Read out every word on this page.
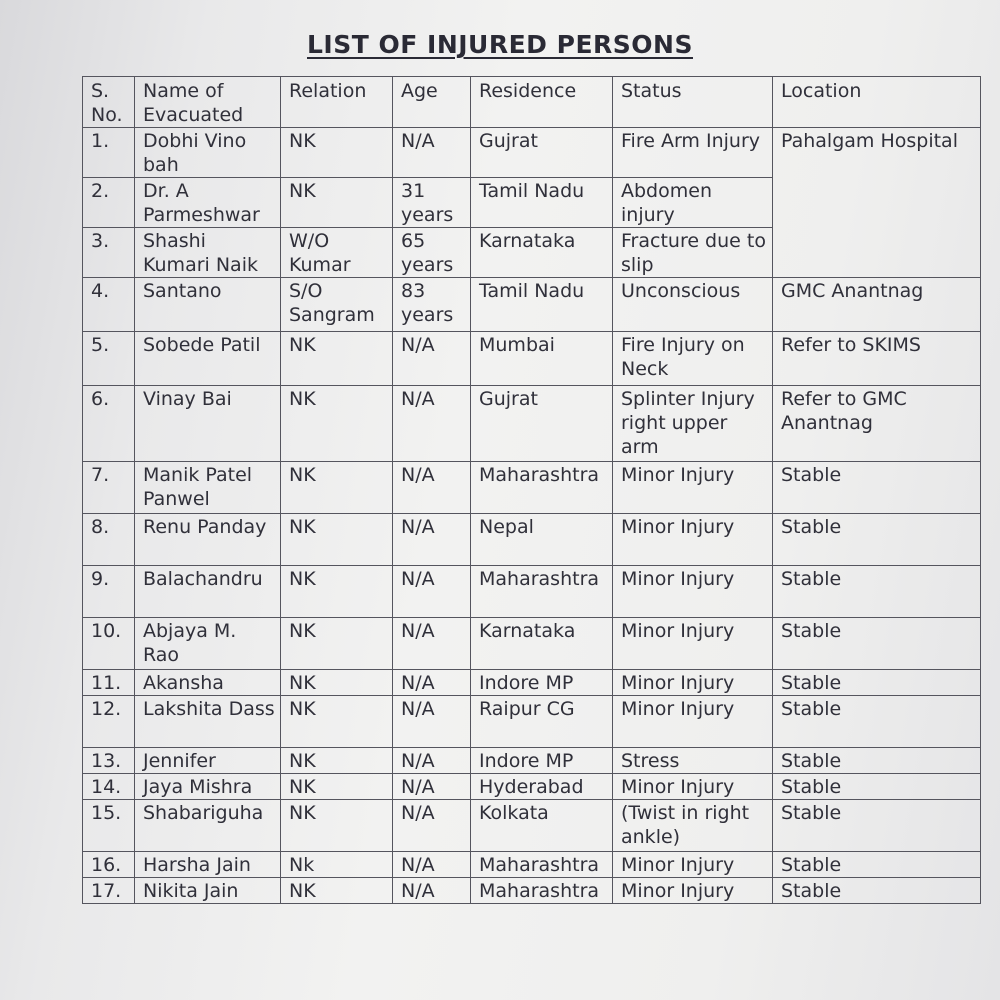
LIST OF INJURED PERSONS
S. No.	Name of Evacuated	Relation	Age	Residence	Status	Location
1.	Dobhi Vino bah	NK	N/A	Gujrat	Fire Arm Injury	Pahalgam Hospital
2.	Dr. A Parmeshwar	NK	31 years	Tamil Nadu	Abdomen injury	
3.	Shashi Kumari Naik	W/O Kumar	65 years	Karnataka	Fracture due to slip	
4.	Santano	S/O Sangram	83 years	Tamil Nadu	Unconscious	GMC Anantnag
5.	Sobede Patil	NK	N/A	Mumbai	Fire Injury on Neck	Refer to SKIMS
6.	Vinay Bai	NK	N/A	Gujrat	Splinter Injury right upper arm	Refer to GMC Anantnag
7.	Manik Patel Panwel	NK	N/A	Maharashtra	Minor Injury	Stable
8.	Renu Panday	NK	N/A	Nepal	Minor Injury	Stable
9.	Balachandru	NK	N/A	Maharashtra	Minor Injury	Stable
10.	Abjaya M. Rao	NK	N/A	Karnataka	Minor Injury	Stable
11.	Akansha	NK	N/A	Indore MP	Minor Injury	Stable
12.	Lakshita Dass	NK	N/A	Raipur CG	Minor Injury	Stable
13.	Jennifer	NK	N/A	Indore MP	Stress	Stable
14.	Jaya Mishra	NK	N/A	Hyderabad	Minor Injury	Stable
15.	Shabariguha	NK	N/A	Kolkata	(Twist in right ankle)	Stable
16.	Harsha Jain	Nk	N/A	Maharashtra	Minor Injury	Stable
17.	Nikita Jain	NK	N/A	Maharashtra	Minor Injury	Stable
